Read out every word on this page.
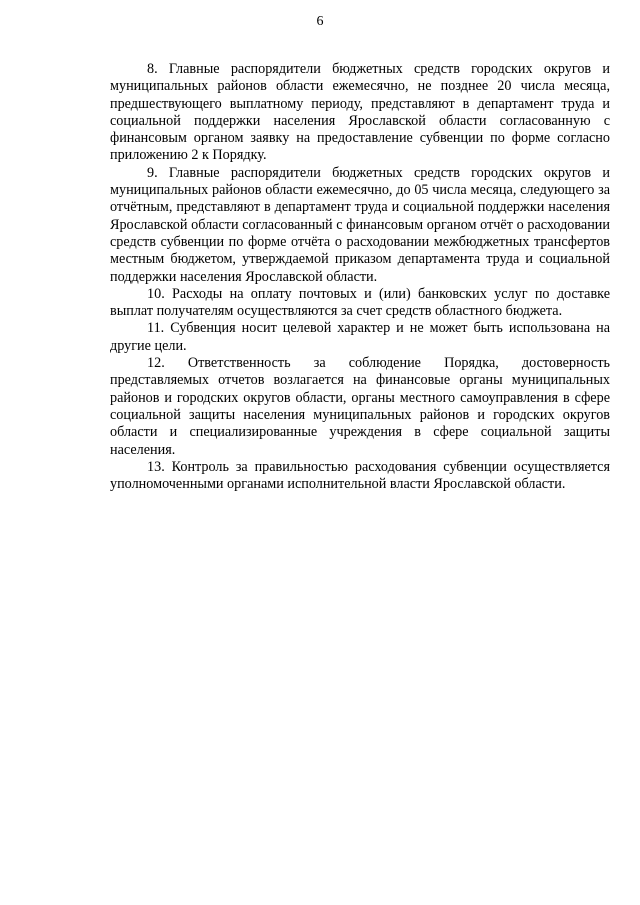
6

8. Главные распорядители бюджетных средств городских округов и муниципальных районов области ежемесячно, не позднее 20 числа месяца, предшествующего выплатному периоду, представляют в департамент труда и социальной поддержки населения Ярославской области согласованную с финансовым органом заявку на предоставление субвенции по форме согласно приложению 2 к Порядку.

9. Главные распорядители бюджетных средств городских округов и муниципальных районов области ежемесячно, до 05 числа месяца, следующего за отчётным, представляют в департамент труда и социальной поддержки населения Ярославской области согласованный с финансовым органом отчёт о расходовании средств субвенции по форме отчёта о расходовании межбюджетных трансфертов местным бюджетом, утверждаемой приказом департамента труда и социальной поддержки населения Ярославской области.

10. Расходы на оплату почтовых и (или) банковских услуг по доставке выплат получателям осуществляются за счет средств областного бюджета.

11. Субвенция носит целевой характер и не может быть использована на другие цели.

12. Ответственность за соблюдение Порядка, достоверность представляемых отчетов возлагается на финансовые органы муниципальных районов и городских округов области, органы местного самоуправления в сфере социальной защиты населения муниципальных районов и городских округов области и специализированные учреждения в сфере социальной защиты населения.

13. Контроль за правильностью расходования субвенции осуществляется уполномоченными органами исполнительной власти Ярославской области.
